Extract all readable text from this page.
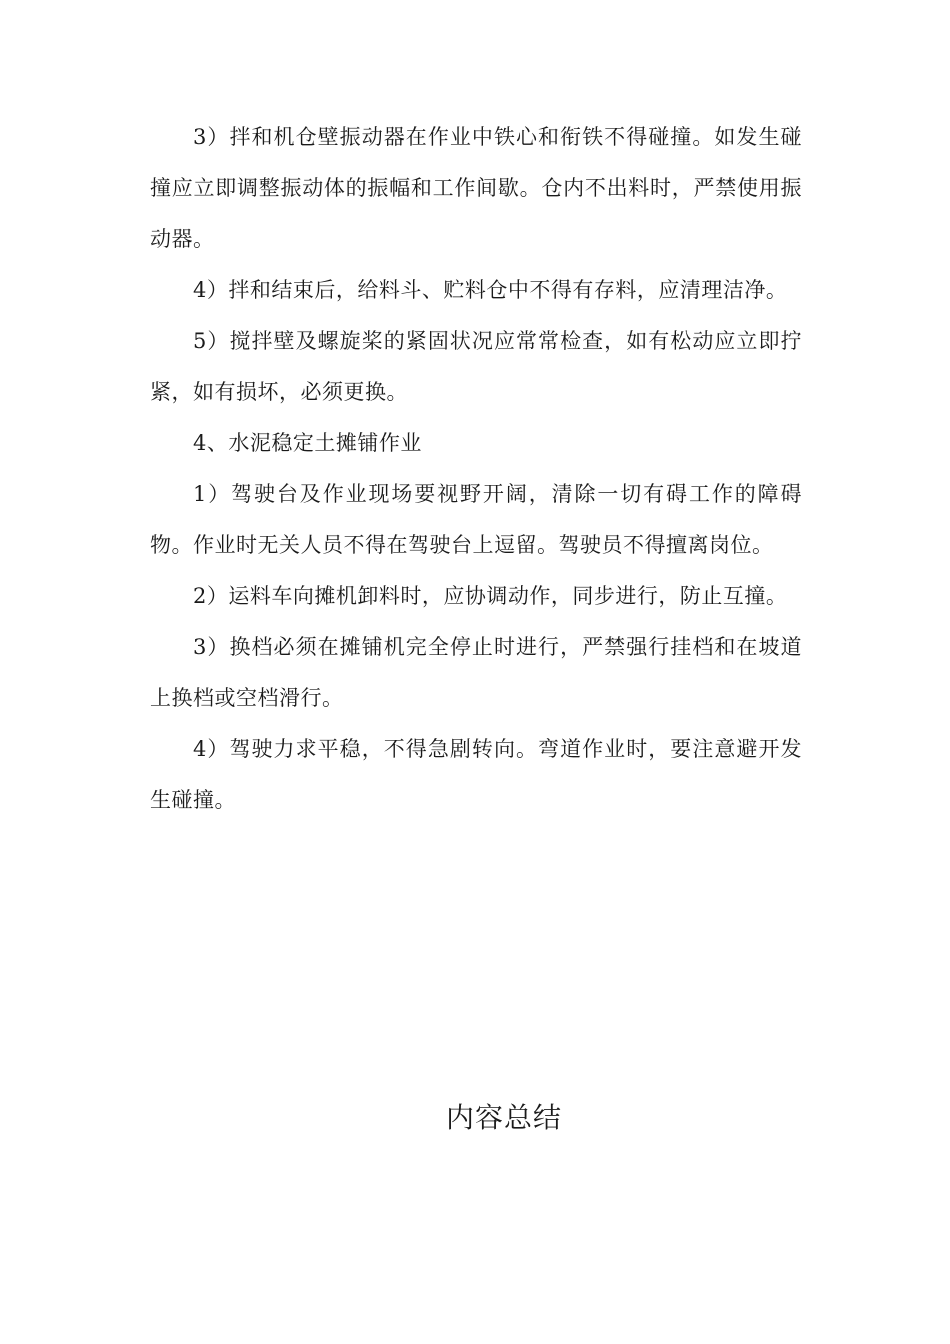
3）拌和机仓壁振动器在作业中铁心和衔铁不得碰撞。如发生碰撞应立即调整振动体的振幅和工作间歇。仓内不出料时，严禁使用振动器。

4）拌和结束后，给料斗、贮料仓中不得有存料，应清理洁净。

5）搅拌壁及螺旋桨的紧固状况应常常检查，如有松动应立即拧紧，如有损坏，必须更换。

4、水泥稳定土摊铺作业

1）驾驶台及作业现场要视野开阔，清除一切有碍工作的障碍物。作业时无关人员不得在驾驶台上逗留。驾驶员不得擅离岗位。

2）运料车向摊机卸料时，应协调动作，同步进行，防止互撞。

3）换档必须在摊铺机完全停止时进行，严禁强行挂档和在坡道上换档或空档滑行。

4）驾驶力求平稳，不得急剧转向。弯道作业时，要注意避开发生碰撞。

内容总结
